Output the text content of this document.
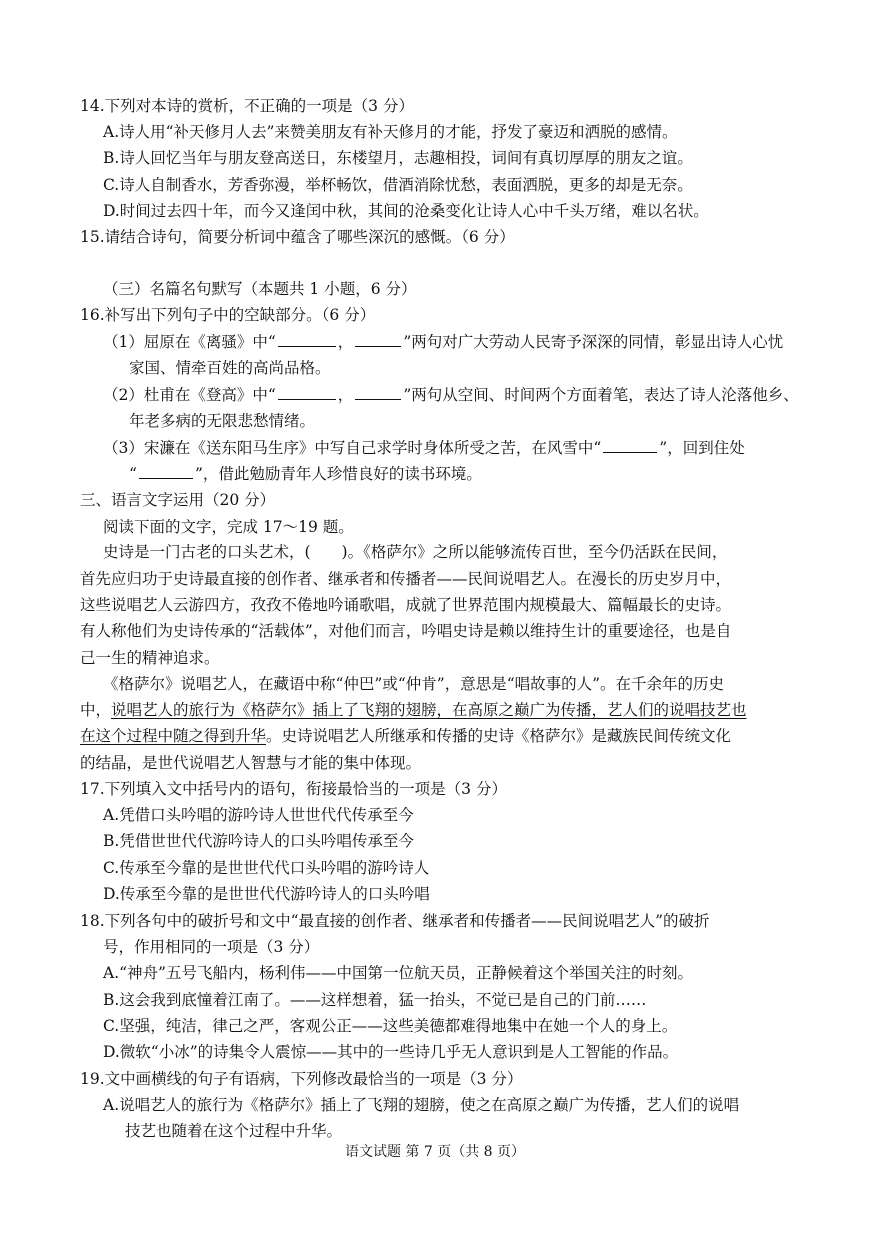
14.下列对本诗的赏析，不正确的一项是（3 分）
A.诗人用“补天修月人去”来赞美朋友有补天修月的才能，抒发了豪迈和洒脱的感情。
B.诗人回忆当年与朋友登高送日，东楼望月，志趣相投，词间有真切厚厚的朋友之谊。
C.诗人自制香水，芳香弥漫，举杯畅饮，借酒消除忧愁，表面洒脱，更多的却是无奈。
D.时间过去四十年，而今又逢闰中秋，其间的沧桑变化让诗人心中千头万绪，难以名状。
15.请结合诗句，简要分析词中蕴含了哪些深沉的感慨。（6 分）
（三）名篇名句默写（本题共 1 小题，6 分）
16.补写出下列句子中的空缺部分。（6 分）
（1）屈原在《离骚》中“	，	”两句对广大劳动人民寄予深深的同情，彰显出诗人心忧
家国、情牵百姓的高尚品格。
（2）杜甫在《登高》中“	，	”两句从空间、时间两个方面着笔，表达了诗人沦落他乡、
年老多病的无限悲愁情绪。
（3）宋濂在《送东阳马生序》中写自己求学时身体所受之苦，在风雪中“	”，回到住处
“	”，借此勉励青年人珍惜良好的读书环境。
三、语言文字运用（20 分）
阅读下面的文字，完成 17～19 题。
史诗是一门古老的口头艺术，(　　)。《格萨尔》之所以能够流传百世，至今仍活跃在民间，
首先应归功于史诗最直接的创作者、继承者和传播者——民间说唱艺人。在漫长的历史岁月中，
这些说唱艺人云游四方，孜孜不倦地吟诵歌唱，成就了世界范围内规模最大、篇幅最长的史诗。
有人称他们为史诗传承的“活载体”，对他们而言，吟唱史诗是赖以维持生计的重要途径，也是自
己一生的精神追求。
《格萨尔》说唱艺人，在藏语中称“仲巴”或“仲肯”，意思是“唱故事的人”。在千余年的历史
中，说唱艺人的旅行为《格萨尔》插上了飞翔的翅膀，在高原之巅广为传播，艺人们的说唱技艺也
在这个过程中随之得到升华。史诗说唱艺人所继承和传播的史诗《格萨尔》是藏族民间传统文化
的结晶，是世代说唱艺人智慧与才能的集中体现。
17.下列填入文中括号内的语句，衔接最恰当的一项是（3 分）
A.凭借口头吟唱的游吟诗人世世代代传承至今
B.凭借世世代代游吟诗人的口头吟唱传承至今
C.传承至今靠的是世世代代口头吟唱的游吟诗人
D.传承至今靠的是世世代代游吟诗人的口头吟唱
18.下列各句中的破折号和文中“最直接的创作者、继承者和传播者——民间说唱艺人”的破折
号，作用相同的一项是（3 分）
A.“神舟”五号飞船内，杨利伟——中国第一位航天员，正静候着这个举国关注的时刻。
B.这会我到底憧着江南了。——这样想着，猛一抬头，不觉已是自己的门前……
C.坚强，纯洁，律己之严，客观公正——这些美德都难得地集中在她一个人的身上。
D.微软“小冰”的诗集令人震惊——其中的一些诗几乎无人意识到是人工智能的作品。
19.文中画横线的句子有语病，下列修改最恰当的一项是（3 分）
A.说唱艺人的旅行为《格萨尔》插上了飞翔的翅膀，使之在高原之巅广为传播，艺人们的说唱
技艺也随着在这个过程中升华。
语文试题 第 7 页（共 8 页）
